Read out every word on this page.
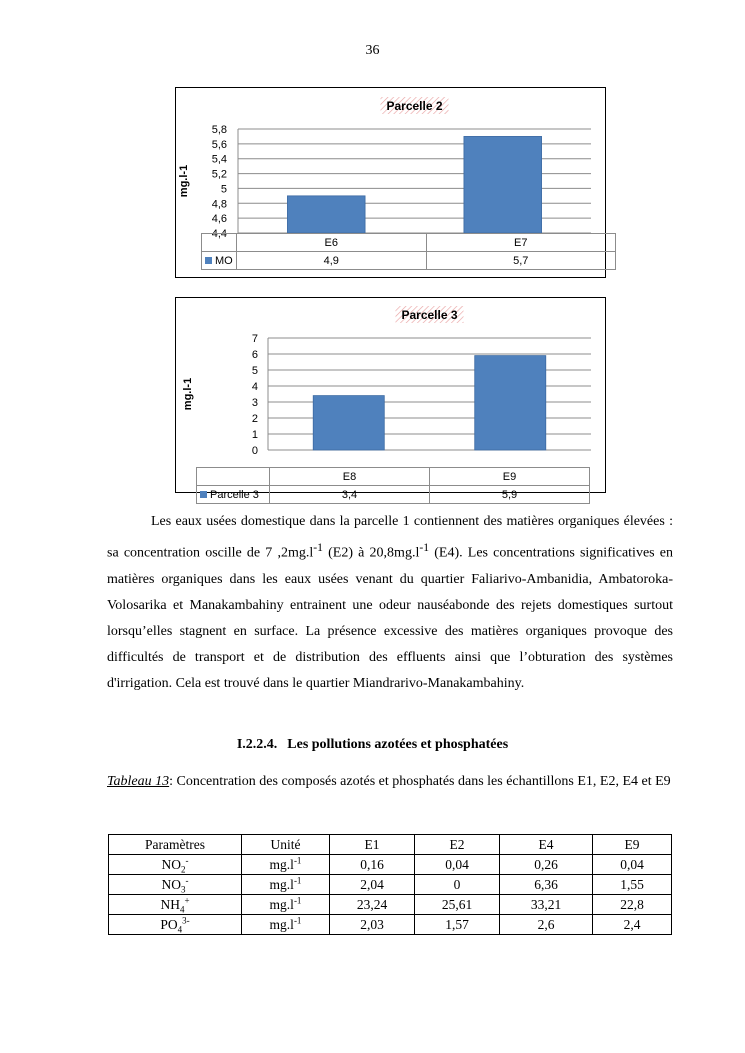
36
Parcelle 2
4,4
4,6
4,8
5
5,2
5,4
5,6
5,8
mg.l-1
	E6	E7
MO	4,9	5,7
Parcelle 3
0
1
2
3
4
5
6
7
mg.l-1
	E8	E9
Parcelle 3	3,4	5,9

Les eaux usées domestique dans la parcelle 1 contiennent des matières organiques élevées : sa concentration oscille de 7 $,2mg.l^{-1}$ (E2) à $20,8mg.l^{-1}$ (E4). Les concentrations significatives en matières organiques dans les eaux usées venant du quartier Faliarivo-Ambanidia, Ambatoroka-Volosarika et Manakambahiny entrainent une odeur nauséabonde des rejets domestiques surtout lorsqu’elles stagnent en surface. La présence excessive des matières organiques provoque des difficultés de transport et de distribution des effluents ainsi que l’obturation des systèmes d'irrigation. Cela est trouvé dans le quartier Miandrarivo-Manakambahiny.

I.2.2.4. Les pollutions azotées et phosphatées

Tableau 13: Concentration des composés azotés et phosphatés dans les échantillons E1, E2, E4 et E9

Paramètres	Unité	E1	E2	E4	E9
$NO_2^-$	$mg.l^{-1}$	0,16	0,04	0,26	0,04
$NO_3^-$	$mg.l^{-1}$	2,04	0	6,36	1,55
$NH_4^+$	$mg.l^{-1}$	23,24	25,61	33,21	22,8
$PO_4^{3-}$	$mg.l^{-1}$	2,03	1,57	2,6	2,4
